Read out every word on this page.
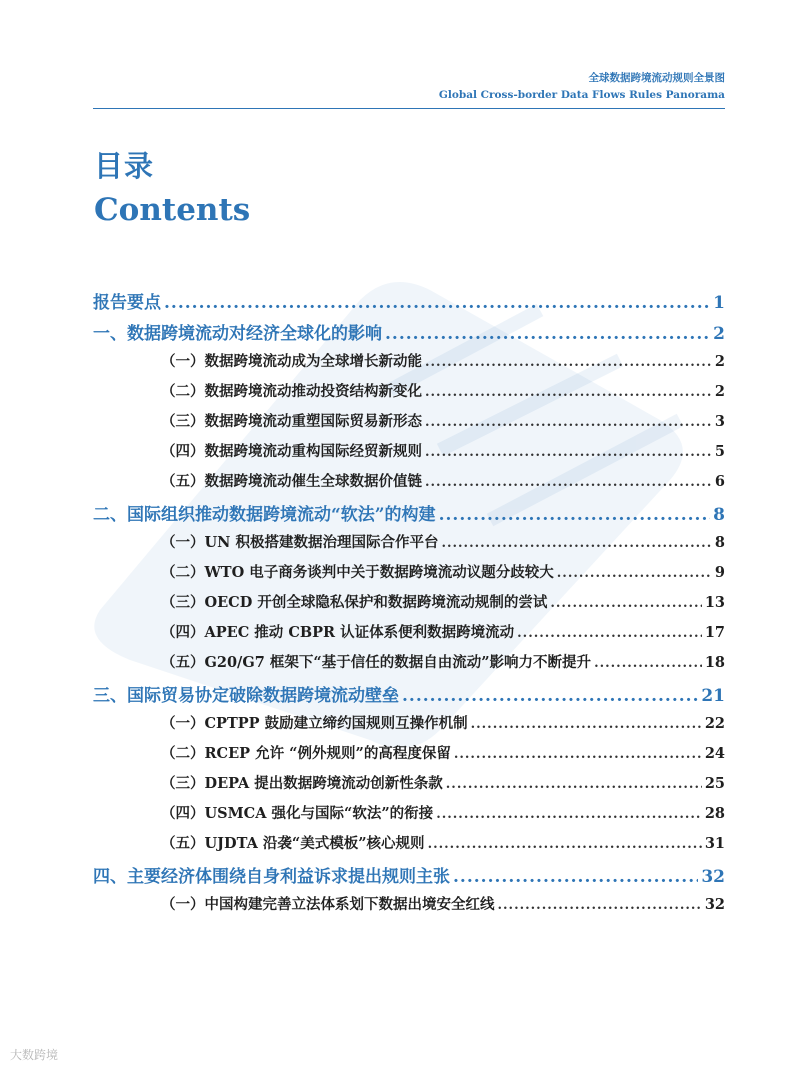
全球数据跨境流动规则全景图
Global Cross-border Data Flows Rules Panorama
目录
Contents
报告要点 .....	1
一、数据跨境流动对经济全球化的影响 .....	2
（一）数据跨境流动成为全球增长新动能 .....	2
（二）数据跨境流动推动投资结构新变化 .....	2
（三）数据跨境流动重塑国际贸易新形态 .....	3
（四）数据跨境流动重构国际经贸新规则 .....	5
（五）数据跨境流动催生全球数据价值链 .....	6
二、国际组织推动数据跨境流动“软法”的构建 .....	8
（一）UN 积极搭建数据治理国际合作平台 .....	8
（二）WTO 电子商务谈判中关于数据跨境流动议题分歧较大 .....	9
（三）OECD 开创全球隐私保护和数据跨境流动规制的尝试 .....	13
（四）APEC 推动 CBPR 认证体系便利数据跨境流动 .....	17
（五）G20/G7 框架下“基于信任的数据自由流动”影响力不断提升 .....	18
三、国际贸易协定破除数据跨境流动壁垒 .....	21
（一）CPTPP 鼓励建立缔约国规则互操作机制 .....	22
（二）RCEP 允许 “例外规则”的高程度保留 .....	24
（三）DEPA 提出数据跨境流动创新性条款 .....	25
（四）USMCA 强化与国际“软法”的衔接 .....	28
（五）UJDTA 沿袭“美式模板”核心规则 .....	31
四、主要经济体围绕自身利益诉求提出规则主张 .....	32
（一）中国构建完善立法体系划下数据出境安全红线 .....	32
大数跨境
